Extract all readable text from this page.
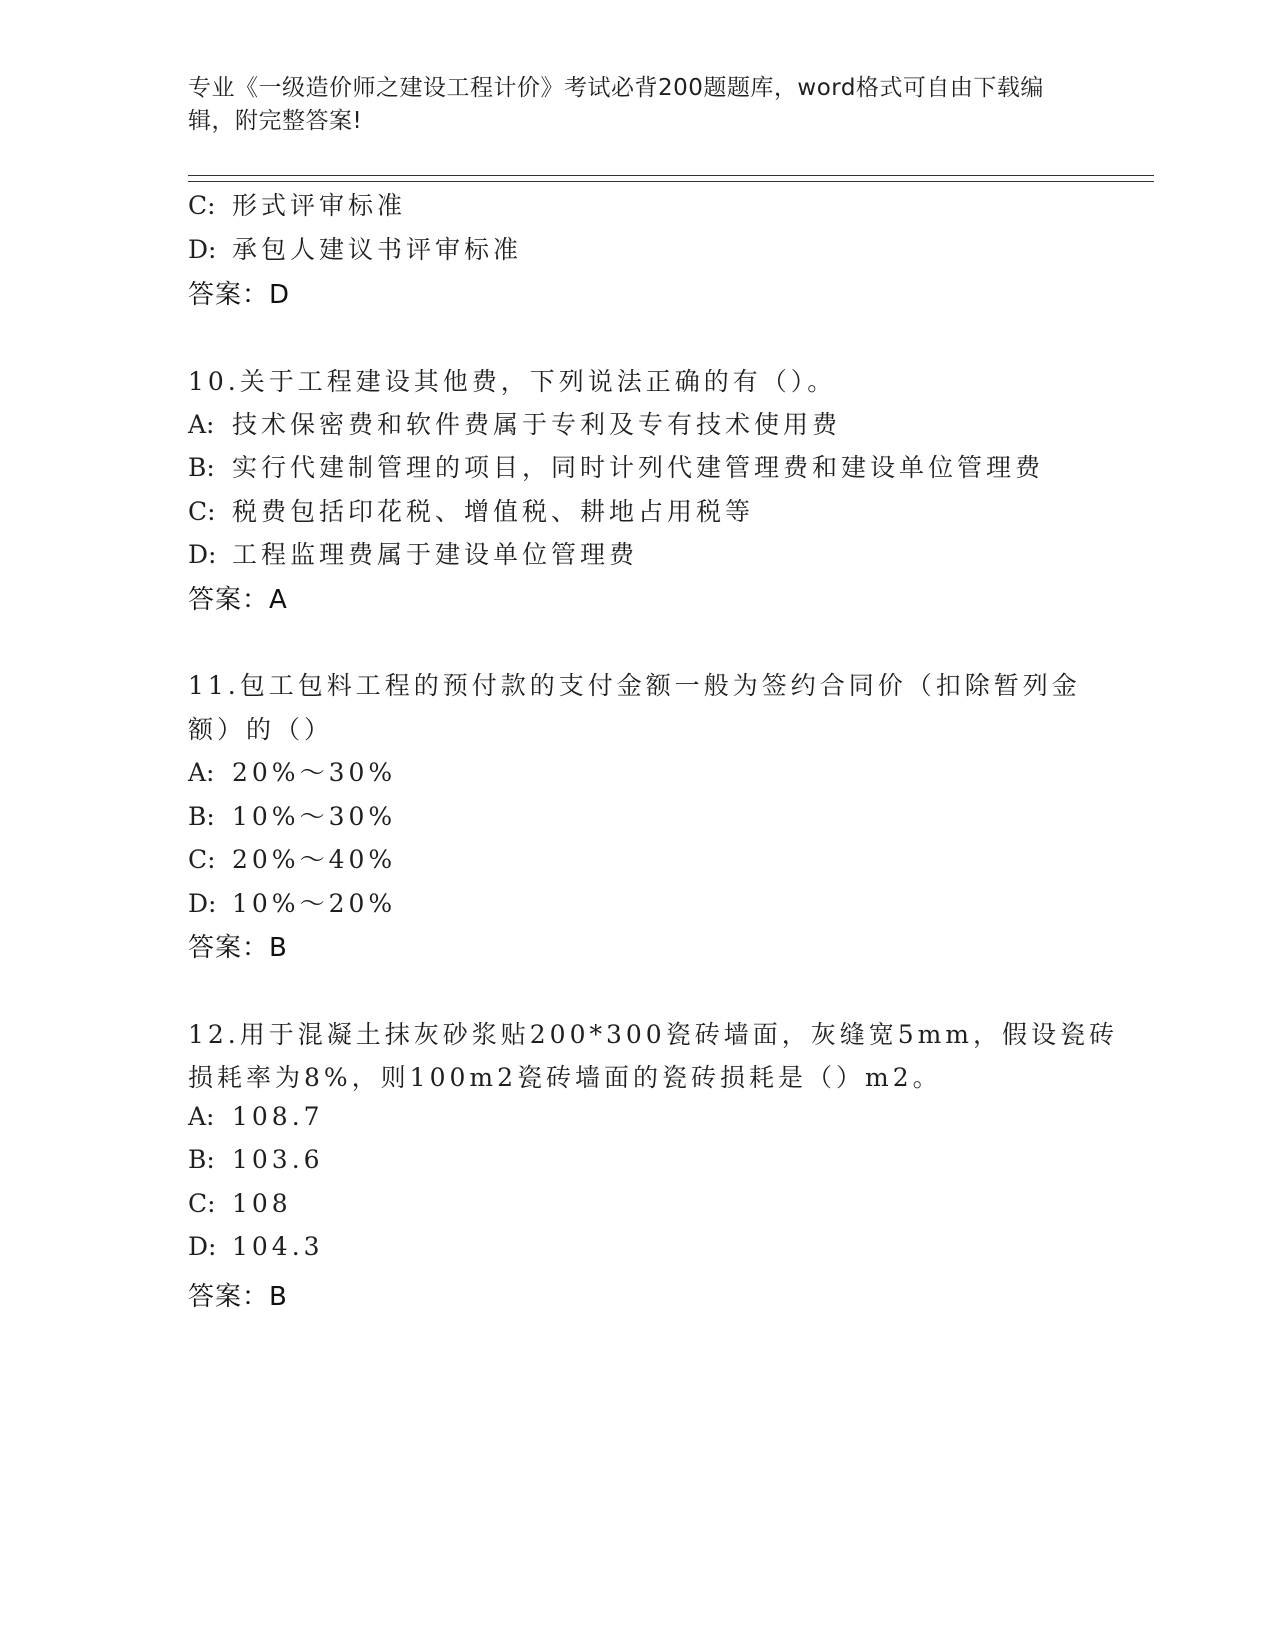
专业《一级造价师之建设工程计价》考试必背200题题库，word格式可自由下载编辑，附完整答案!
C: 形式评审标准
D: 承包人建议书评审标准
答案：D
10.关于工程建设其他费，下列说法正确的有（）。
A: 技术保密费和软件费属于专利及专有技术使用费
B: 实行代建制管理的项目，同时计列代建管理费和建设单位管理费
C: 税费包括印花税、增值税、耕地占用税等
D: 工程监理费属于建设单位管理费
答案：A
11.包工包料工程的预付款的支付金额一般为签约合同价（扣除暂列金
额）的（）
A: 20%～30%
B: 10%～30%
C: 20%～40%
D: 10%～20%
答案：B
12.用于混凝土抹灰砂浆贴200*300瓷砖墙面，灰缝宽5mm，假设瓷砖
损耗率为8%，则100m2瓷砖墙面的瓷砖损耗是（）m2。
A: 108.7
B: 103.6
C: 108
D: 104.3
答案：B
